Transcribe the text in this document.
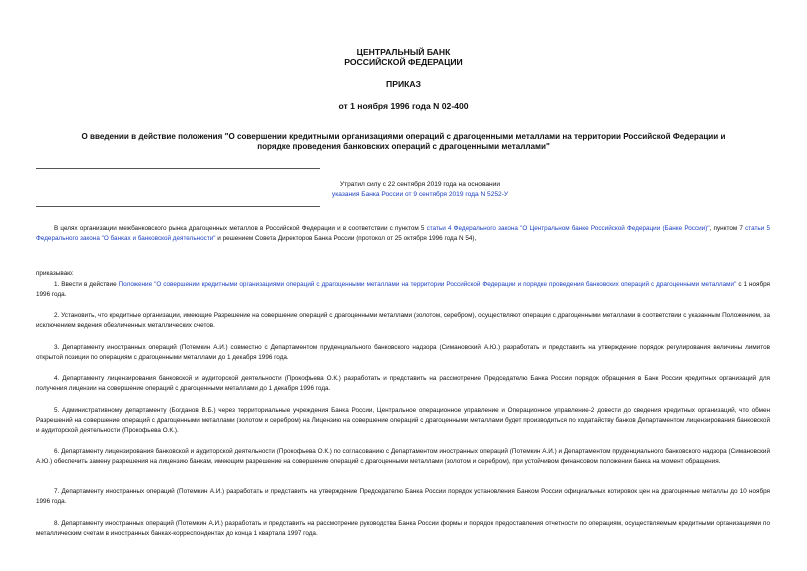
ЦЕНТРАЛЬНЫЙ БАНК
РОССИЙСКОЙ ФЕДЕРАЦИИ
ПРИКАЗ
от 1 ноября 1996 года N 02-400
О введении в действие положения "О совершении кредитными организациями операций с драгоценными металлами на территории Российской Федерации и
порядке проведения банковских операций с драгоценными металлами"
Утратил силу с 22 сентября 2019 года на основании
указания Банка России от 9 сентября 2019 года N 5252-У
В целях организации межбанковского рынка драгоценных металлов в Российской Федерации и в соответствии с пунктом 5 статьи 4 Федерального закона "О Центральном банке Российской Федерации (Банке России)", пунктом 7 статьи 5 Федерального закона "О банках и банковской деятельности" и решением Совета Директоров Банка России (протокол от 25 октября 1996 года N 54),
приказываю:
1. Ввести в действие Положение "О совершении кредитными организациями операций с драгоценными металлами на территории Российской Федерации и порядке проведения банковских операций с драгоценными металлами" с 1 ноября 1996 года.
2. Установить, что кредитные организации, имеющие Разрешение на совершение операций с драгоценными металлами (золотом, серебром), осуществляют операции с драгоценными металлами в соответствии с указанным Положением, за исключением ведения обезличенных металлических счетов.
3. Департаменту иностранных операций (Потемкин А.И.) совместно с Департаментом пруденциального банковского надзора (Симановский А.Ю.) разработать и представить на утверждение порядок регулирования величины лимитов открытой позиции по операциям с драгоценными металлами до 1 декабря 1996 года.
4. Департаменту лицензирования банковской и аудиторской деятельности (Прокофьева О.К.) разработать и представить на рассмотрение Председателю Банка России порядок обращения в Банк России кредитных организаций для получения лицензии на совершение операций с драгоценными металлами до 1 декабря 1996 года.
5. Административному департаменту (Богданов В.Б.) через территориальные учреждения Банка России, Центральное операционное управление и Операционное управление-2 довести до сведения кредитных организаций, что обмен Разрешений на совершение операций с драгоценными металлами (золотом и серебром) на Лицензию на совершение операций с драгоценными металлами будет производиться по ходатайству банков Департаментом лицензирования банковской и аудиторской деятельности (Прокофьева О.К.).
6. Департаменту лицензирования банковской и аудиторской деятельности (Прокофьева О.К.) по согласованию с Департаментом иностранных операций (Потемкин А.И.) и Департаментом пруденциального банковского надзора (Симановский А.Ю.) обеспечить замену разрешения на лицензию банкам, имеющим разрешение на совершение операций с драгоценными металлами (золотом и серебром), при устойчивом финансовом положении банка на момент обращения.
7. Департаменту иностранных операций (Потемкин А.И.) разработать и представить на утверждение Председателю Банка России порядок установления Банком России официальных котировок цен на драгоценные металлы до 10 ноября 1996 года.
8. Департаменту иностранных операций (Потемкин А.И.) разработать и представить на рассмотрение руководства Банка России формы и порядок предоставления отчетности по операциям, осуществляемым кредитными организациями по металлическим счетам в иностранных банках-корреспондентах до конца 1 квартала 1997 года.
